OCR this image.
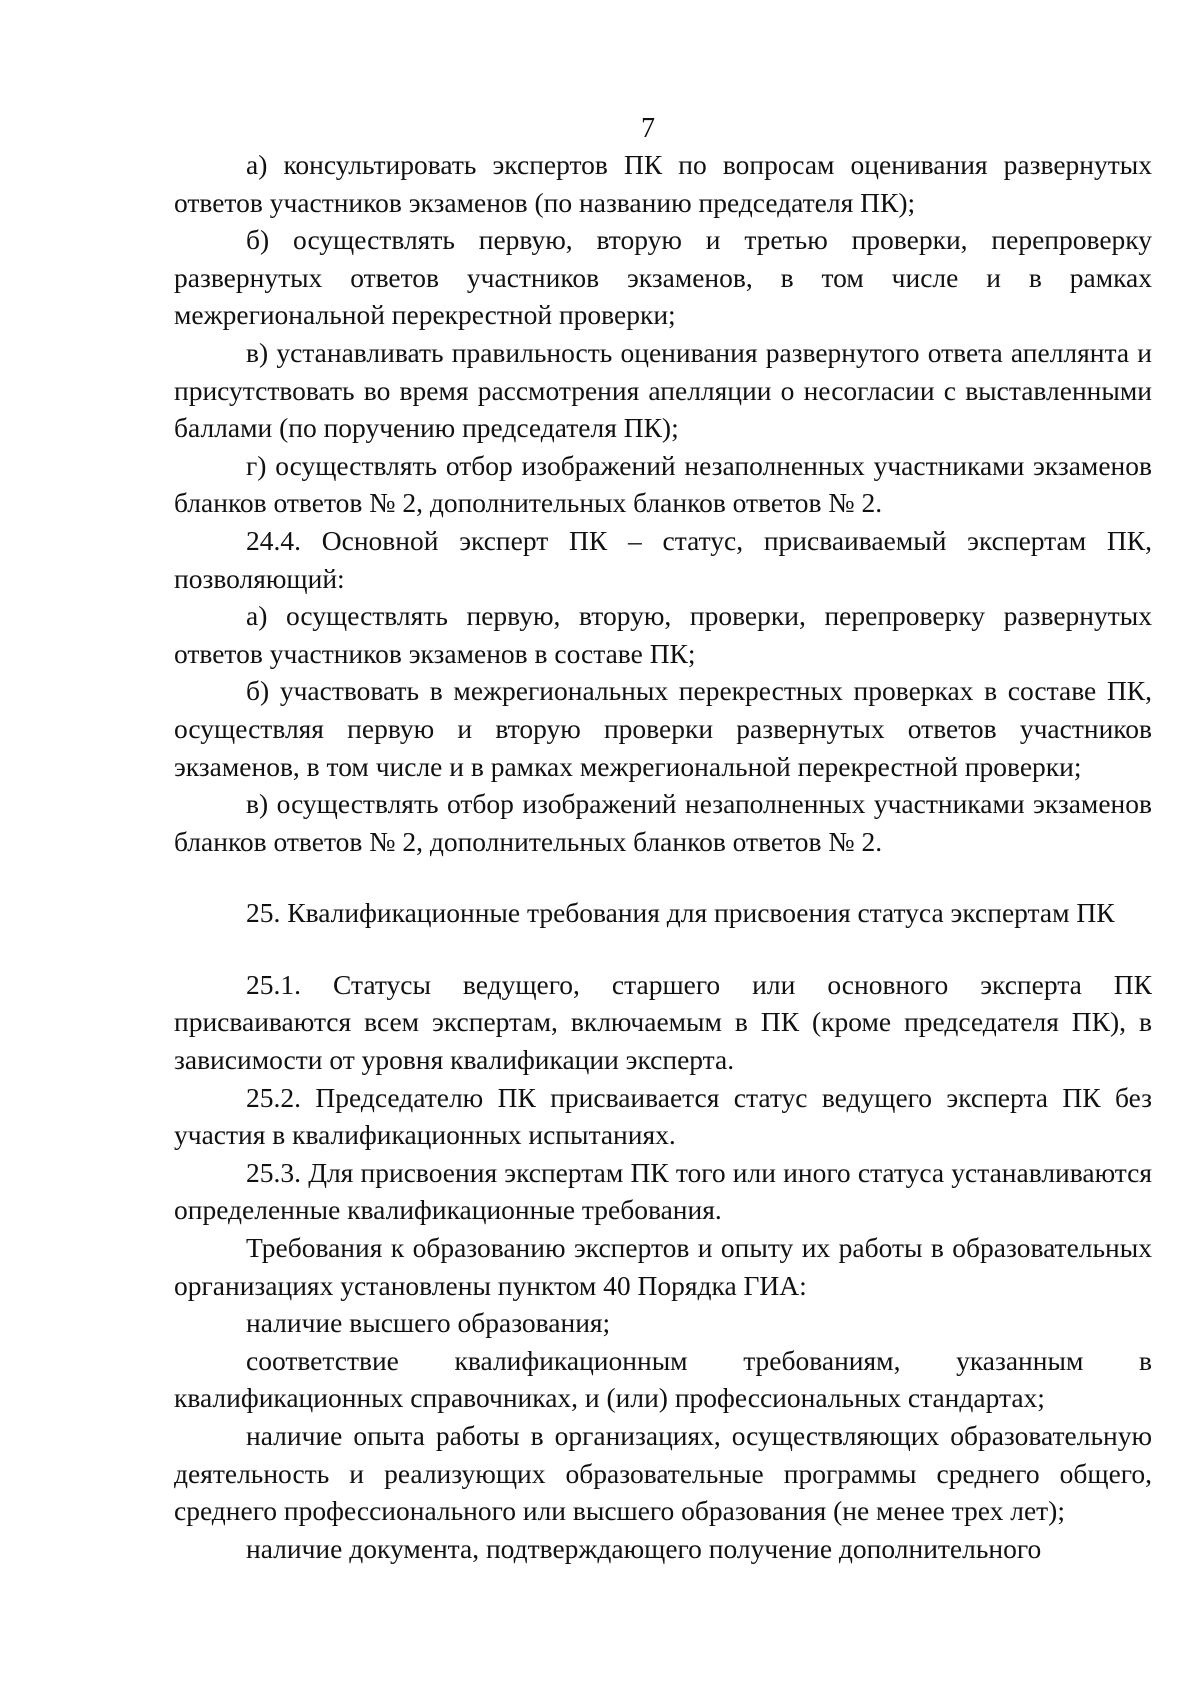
7

а) консультировать экспертов ПК по вопросам оценивания развернутых ответов участников экзаменов (по названию председателя ПК);

б) осуществлять первую, вторую и третью проверки, перепроверку развернутых ответов участников экзаменов, в том числе и в рамках межрегиональной перекрестной проверки;

в) устанавливать правильность оценивания развернутого ответа апеллянта и присутствовать во время рассмотрения апелляции о несогласии с выставленными баллами (по поручению председателя ПК);

г) осуществлять отбор изображений незаполненных участниками экзаменов бланков ответов № 2, дополнительных бланков ответов № 2.

24.4. Основной эксперт ПК – статус, присваиваемый экспертам ПК, позволяющий:

а) осуществлять первую, вторую, проверки, перепроверку развернутых ответов участников экзаменов в составе ПК;

б) участвовать в межрегиональных перекрестных проверках в составе ПК, осуществляя первую и вторую проверки развернутых ответов участников экзаменов, в том числе и в рамках межрегиональной перекрестной проверки;

в) осуществлять отбор изображений незаполненных участниками экзаменов бланков ответов № 2, дополнительных бланков ответов № 2.

25. Квалификационные требования для присвоения статуса экспертам ПК

25.1. Статусы ведущего, старшего или основного эксперта ПК присваиваются всем экспертам, включаемым в ПК (кроме председателя ПК), в зависимости от уровня квалификации эксперта.

25.2. Председателю ПК присваивается статус ведущего эксперта ПК без участия в квалификационных испытаниях.

25.3. Для присвоения экспертам ПК того или иного статуса устанавливаются определенные квалификационные требования.

Требования к образованию экспертов и опыту их работы в образовательных организациях установлены пунктом 40 Порядка ГИА:

наличие высшего образования;

соответствие квалификационным требованиям, указанным в квалификационных справочниках, и (или) профессиональных стандартах;

наличие опыта работы в организациях, осуществляющих образовательную деятельность и реализующих образовательные программы среднего общего, среднего профессионального или высшего образования (не менее трех лет);

наличие документа, подтверждающего получение дополнительного
